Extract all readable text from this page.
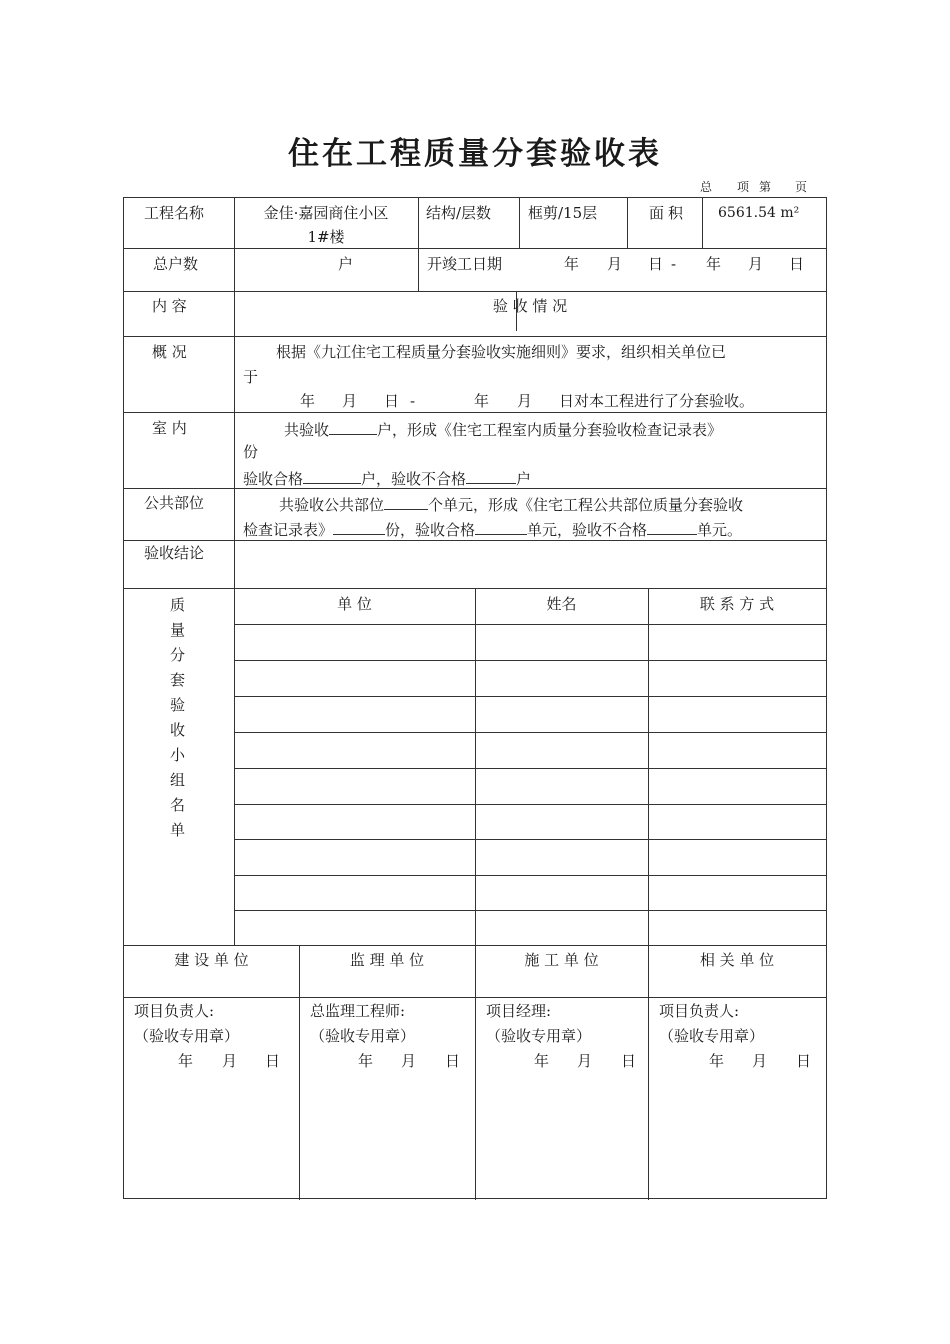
住在工程质量分套验收表
总 项 第 页
工程名称	金佳·嘉园商住小区
1#楼
结构/层数 框剪/15层	面积 6561.54 m²
总户数	户	开竣工日期	年 月 日 - 年 月 日
内 容	验 收 情 况
概 况	根据《九江住宅工程质量分套验收实施细则》要求，组织相关单位已
于
年 月 日 -	年 月 日对本工程进行了分套验收。
室 内	共验收	户，形成《住宅工程室内质量分套验收检查记录表》
份
验收合格	户，验收不合格	户
公共部位	共验收公共部位	个单元，形成《住宅工程公共部位质量分套验收
检查记录表》	份，验收合格	单元，验收不合格	单元。
验收结论
质
量
分
套
验
收
小
组
名
单
单 位	姓名	联 系 方 式
建 设 单 位	监 理 单 位	施 工 单 位	相 关 单 位
项目负责人:
（验收专用章）
年 月 日
总监理工程师:
（验收专用章）
年 月 日
项目经理:
（验收专用章）
年 月 日
项目负责人:
（验收专用章）
年 月 日
